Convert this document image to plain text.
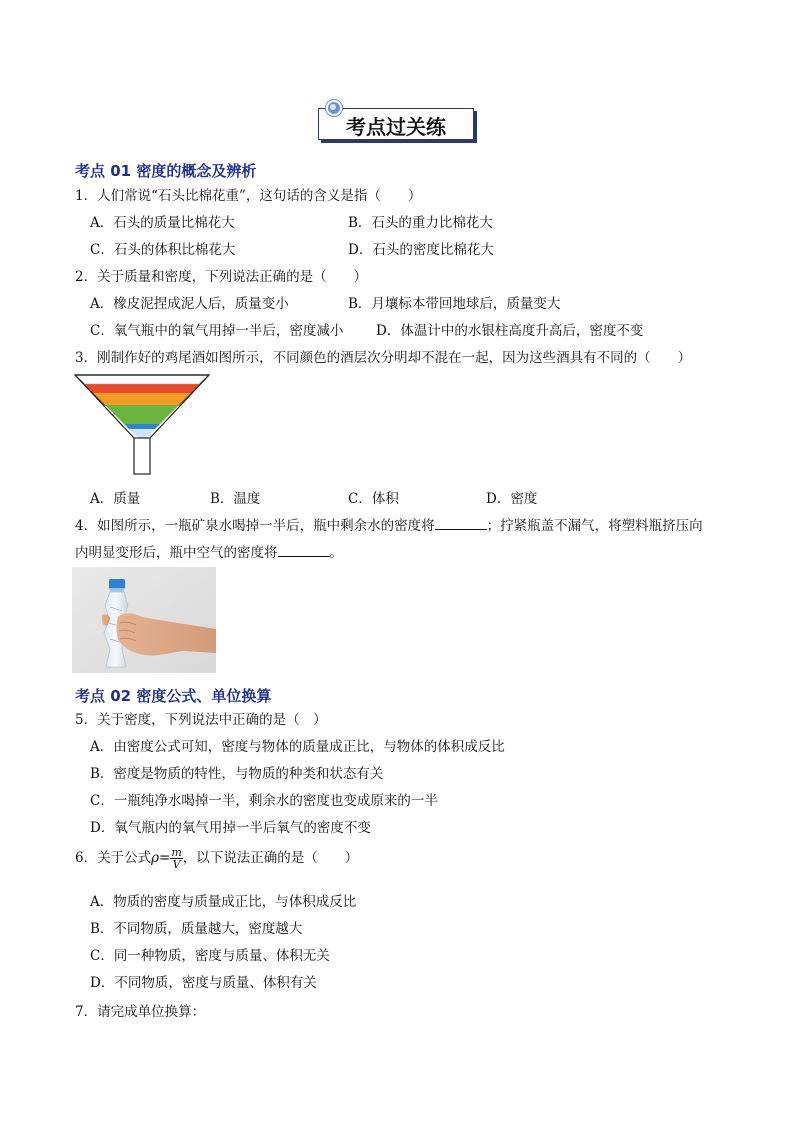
考点过关练
考点 01 密度的概念及辨析
1．人们常说“石头比棉花重”，这句话的含义是指（　　）
A．石头的质量比棉花大	B．石头的重力比棉花大
C．石头的体积比棉花大	D．石头的密度比棉花大
2．关于质量和密度，下列说法正确的是（　　）
A．橡皮泥捏成泥人后，质量变小	B．月壤标本带回地球后，质量变大
C．氧气瓶中的氧气用掉一半后，密度减小 D．体温计中的水银柱高度升高后，密度不变
3．刚制作好的鸡尾酒如图所示，不同颜色的酒层次分明却不混在一起，因为这些酒具有不同的（　　）
A．质量	B．温度	C．体积	D．密度
4．如图所示，一瓶矿泉水喝掉一半后，瓶中剩余水的密度将	；拧紧瓶盖不漏气，将塑料瓶挤压向
内明显变形后，瓶中空气的密度将	。
考点 02 密度公式、单位换算
5．关于密度，下列说法中正确的是（　）
A．由密度公式可知，密度与物体的质量成正比，与物体的体积成反比
B．密度是物质的特性，与物质的种类和状态有关
C．一瓶纯净水喝掉一半，剩余水的密度也变成原来的一半
D．氧气瓶内的氧气用掉一半后氧气的密度不变
6．关于公式$\rho= \frac{m}{V}$ ，以下说法正确的是（　　）
A．物质的密度与质量成正比，与体积成反比
B．不同物质，质量越大，密度越大
C．同一种物质，密度与质量、体积无关
D．不同物质，密度与质量、体积有关
7．请完成单位换算：
